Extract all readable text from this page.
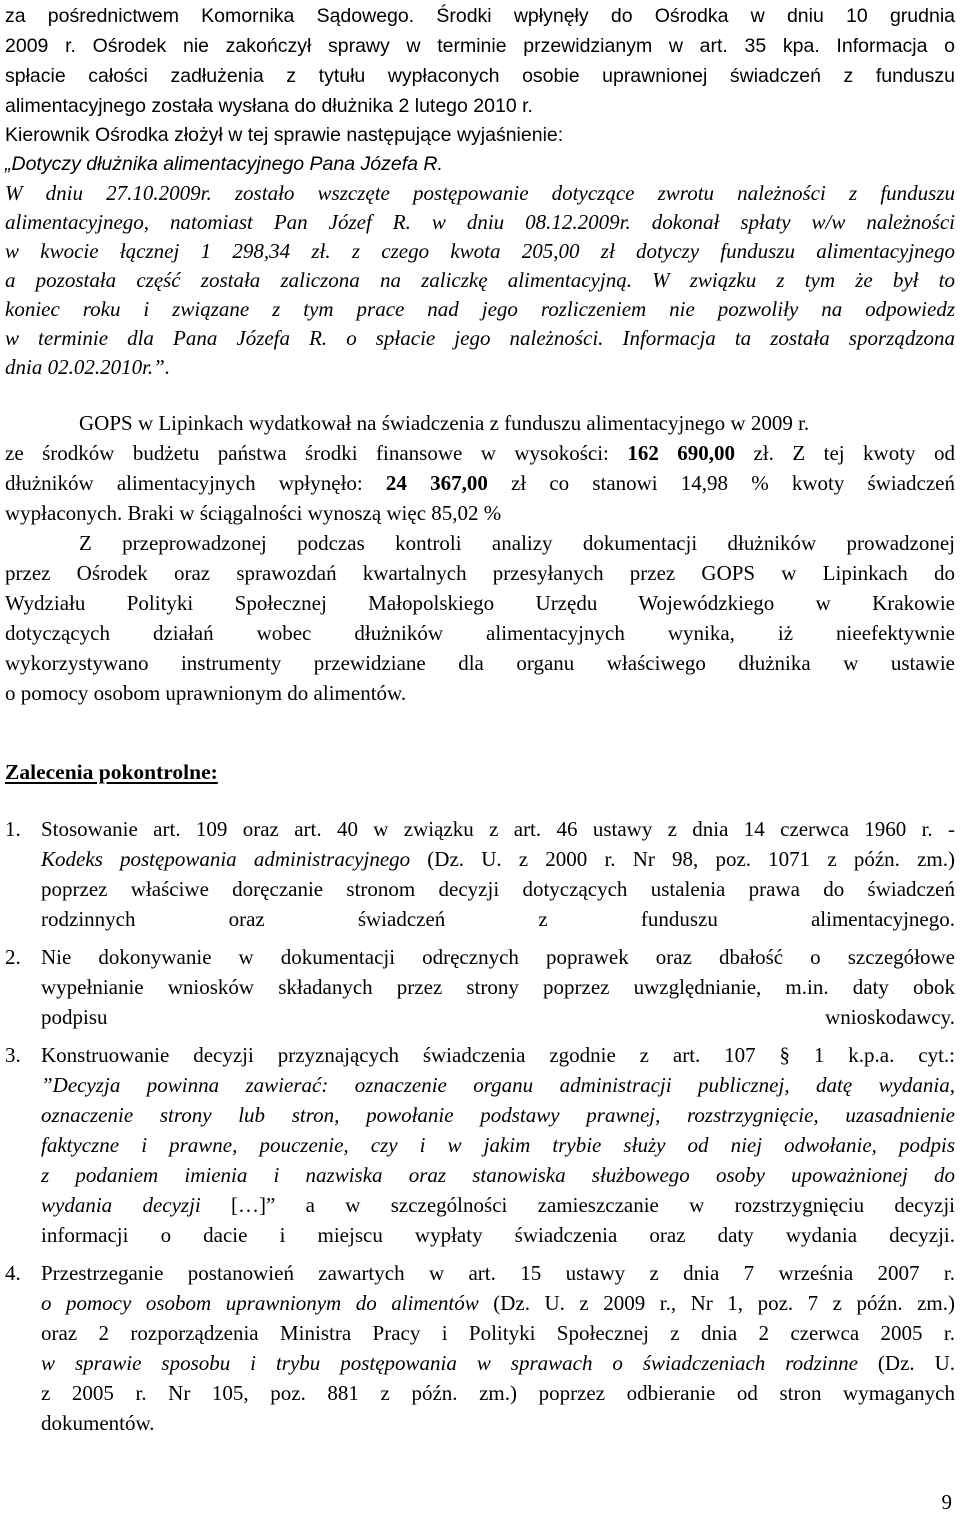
za pośrednictwem Komornika Sądowego. Środki wpłynęły do Ośrodka w dniu 10 grudnia
2009 r. Ośrodek nie zakończył sprawy w terminie przewidzianym w art. 35 kpa. Informacja o
spłacie całości zadłużenia z tytułu wypłaconych osobie uprawnionej świadczeń z funduszu
alimentacyjnego została wysłana do dłużnika 2 lutego 2010 r.
Kierownik Ośrodka złożył w tej sprawie następujące wyjaśnienie:
„Dotyczy dłużnika alimentacyjnego Pana Józefa R.
W dniu 27.10.2009r. zostało wszczęte postępowanie dotyczące zwrotu należności z funduszu
alimentacyjnego, natomiast Pan Józef R. w dniu 08.12.2009r. dokonał spłaty w/w należności
w kwocie łącznej 1 298,34 zł. z czego kwota 205,00 zł dotyczy funduszu alimentacyjnego
a pozostała część została zaliczona na zaliczkę alimentacyjną. W związku z tym że był to
koniec roku i związane z tym prace nad jego rozliczeniem nie pozwoliły na odpowiedz
w terminie dla Pana Józefa R. o spłacie jego należności. Informacja ta została sporządzona
dnia 02.02.2010r.”.
GOPS w Lipinkach wydatkował na świadczenia z funduszu alimentacyjnego w 2009 r.
ze środków budżetu państwa środki finansowe w wysokości: 162 690,00 zł. Z tej kwoty od
dłużników alimentacyjnych wpłynęło: 24 367,00 zł co stanowi 14,98 % kwoty świadczeń
wypłaconych. Braki w ściągalności wynoszą więc 85,02 %
Z przeprowadzonej podczas kontroli analizy dokumentacji dłużników prowadzonej
przez Ośrodek oraz sprawozdań kwartalnych przesyłanych przez GOPS w Lipinkach do
Wydziału Polityki Społecznej Małopolskiego Urzędu Wojewódzkiego w Krakowie
dotyczących działań wobec dłużników alimentacyjnych wynika, iż nieefektywnie
wykorzystywano instrumenty przewidziane dla organu właściwego dłużnika w ustawie
o pomocy osobom uprawnionym do alimentów.
Zalecenia pokontrolne:
1. Stosowanie art. 109 oraz art. 40 w związku z art. 46 ustawy z dnia 14 czerwca 1960 r. -
Kodeks postępowania administracyjnego (Dz. U. z 2000 r. Nr 98, poz. 1071 z późn. zm.)
poprzez właściwe doręczanie stronom decyzji dotyczących ustalenia prawa do świadczeń
rodzinnych oraz świadczeń z funduszu alimentacyjnego.
2. Nie dokonywanie w dokumentacji odręcznych poprawek oraz dbałość o szczegółowe
wypełnianie wniosków składanych przez strony poprzez uwzględnianie, m.in. daty obok
podpisu wnioskodawcy.
3. Konstruowanie decyzji przyznających świadczenia zgodnie z art. 107 § 1 k.p.a. cyt.:
”Decyzja powinna zawierać: oznaczenie organu administracji publicznej, datę wydania,
oznaczenie strony lub stron, powołanie podstawy prawnej, rozstrzygnięcie, uzasadnienie
faktyczne i prawne, pouczenie, czy i w jakim trybie służy od niej odwołanie, podpis
z podaniem imienia i nazwiska oraz stanowiska służbowego osoby upoważnionej do
wydania decyzji […]” a w szczególności zamieszczanie w rozstrzygnięciu decyzji
informacji o dacie i miejscu wypłaty świadczenia oraz daty wydania decyzji.
4. Przestrzeganie postanowień zawartych w art. 15 ustawy z dnia 7 września 2007 r.
o pomocy osobom uprawnionym do alimentów (Dz. U. z 2009 r., Nr 1, poz. 7 z późn. zm.)
oraz 2 rozporządzenia Ministra Pracy i Polityki Społecznej z dnia 2 czerwca 2005 r.
w sprawie sposobu i trybu postępowania w sprawach o świadczeniach rodzinne (Dz. U.
z 2005 r. Nr 105, poz. 881 z późn. zm.) poprzez odbieranie od stron wymaganych
dokumentów.
9
